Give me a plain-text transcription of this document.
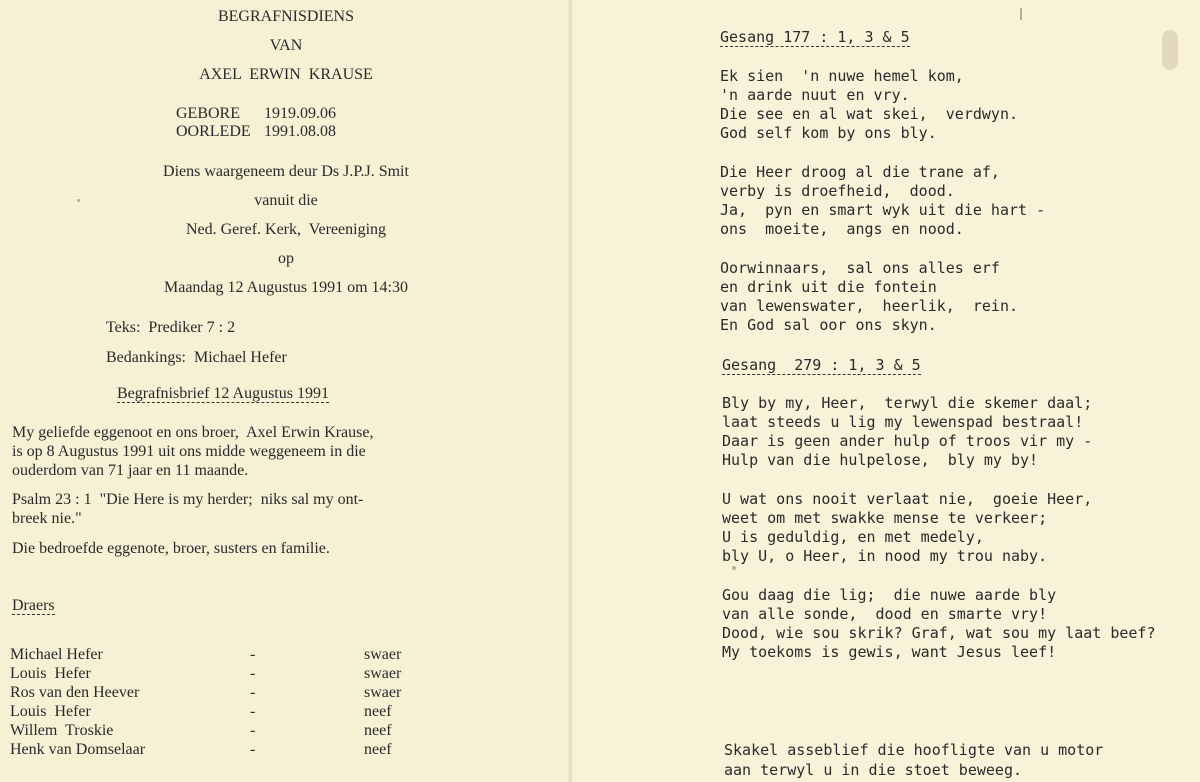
BEGRAFNISDIENS
VAN
AXEL  ERWIN  KRAUSE
GEBORE 1919.09.06
OORLEDE 1991.08.08
Diens waargeneem deur Ds J.P.J. Smit
vanuit die
Ned. Geref. Kerk,  Vereeniging
op
Maandag 12 Augustus 1991 om 14:30
Teks:  Prediker 7 : 2
Bedankings:  Michael Hefer
Begrafnisbrief 12 Augustus 1991
My geliefde eggenoot en ons broer,  Axel Erwin Krause,
is op 8 Augustus 1991 uit ons midde weggeneem in die
ouderdom van 71 jaar en 11 maande.
Psalm 23 : 1  "Die Here is my herder;  niks sal my ont-
breek nie."
Die bedroefde eggenote, broer, susters en familie.
Draers
Michael Hefer	-	swaer
Louis  Hefer	-	swaer
Ros van den Heever	-	swaer
Louis  Hefer	-	neef
Willem  Troskie	-	neef
Henk van Domselaar	-	neef
Gesang 177 : 1, 3 & 5
Ek sien  'n nuwe hemel kom,
'n aarde nuut en vry.
Die see en al wat skei,  verdwyn.
God self kom by ons bly.
Die Heer droog al die trane af,
verby is droefheid,  dood.
Ja,  pyn en smart wyk uit die hart -
ons  moeite,  angs en nood.
Oorwinnaars,  sal ons alles erf
en drink uit die fontein
van lewenswater,  heerlik,  rein.
En God sal oor ons skyn.
Gesang  279 : 1, 3 & 5
Bly by my, Heer,  terwyl die skemer daal;
laat steeds u lig my lewenspad bestraal!
Daar is geen ander hulp of troos vir my -
Hulp van die hulpelose,  bly my by!
U wat ons nooit verlaat nie,  goeie Heer,
weet om met swakke mense te verkeer;
U is geduldig, en met medely,
bly U, o Heer, in nood my trou naby.
Gou daag die lig;  die nuwe aarde bly
van alle sonde,  dood en smarte vry!
Dood, wie sou skrik? Graf, wat sou my laat beef?
My toekoms is gewis, want Jesus leef!
Skakel asseblief die hoofligte van u motor
aan terwyl u in die stoet beweeg.
